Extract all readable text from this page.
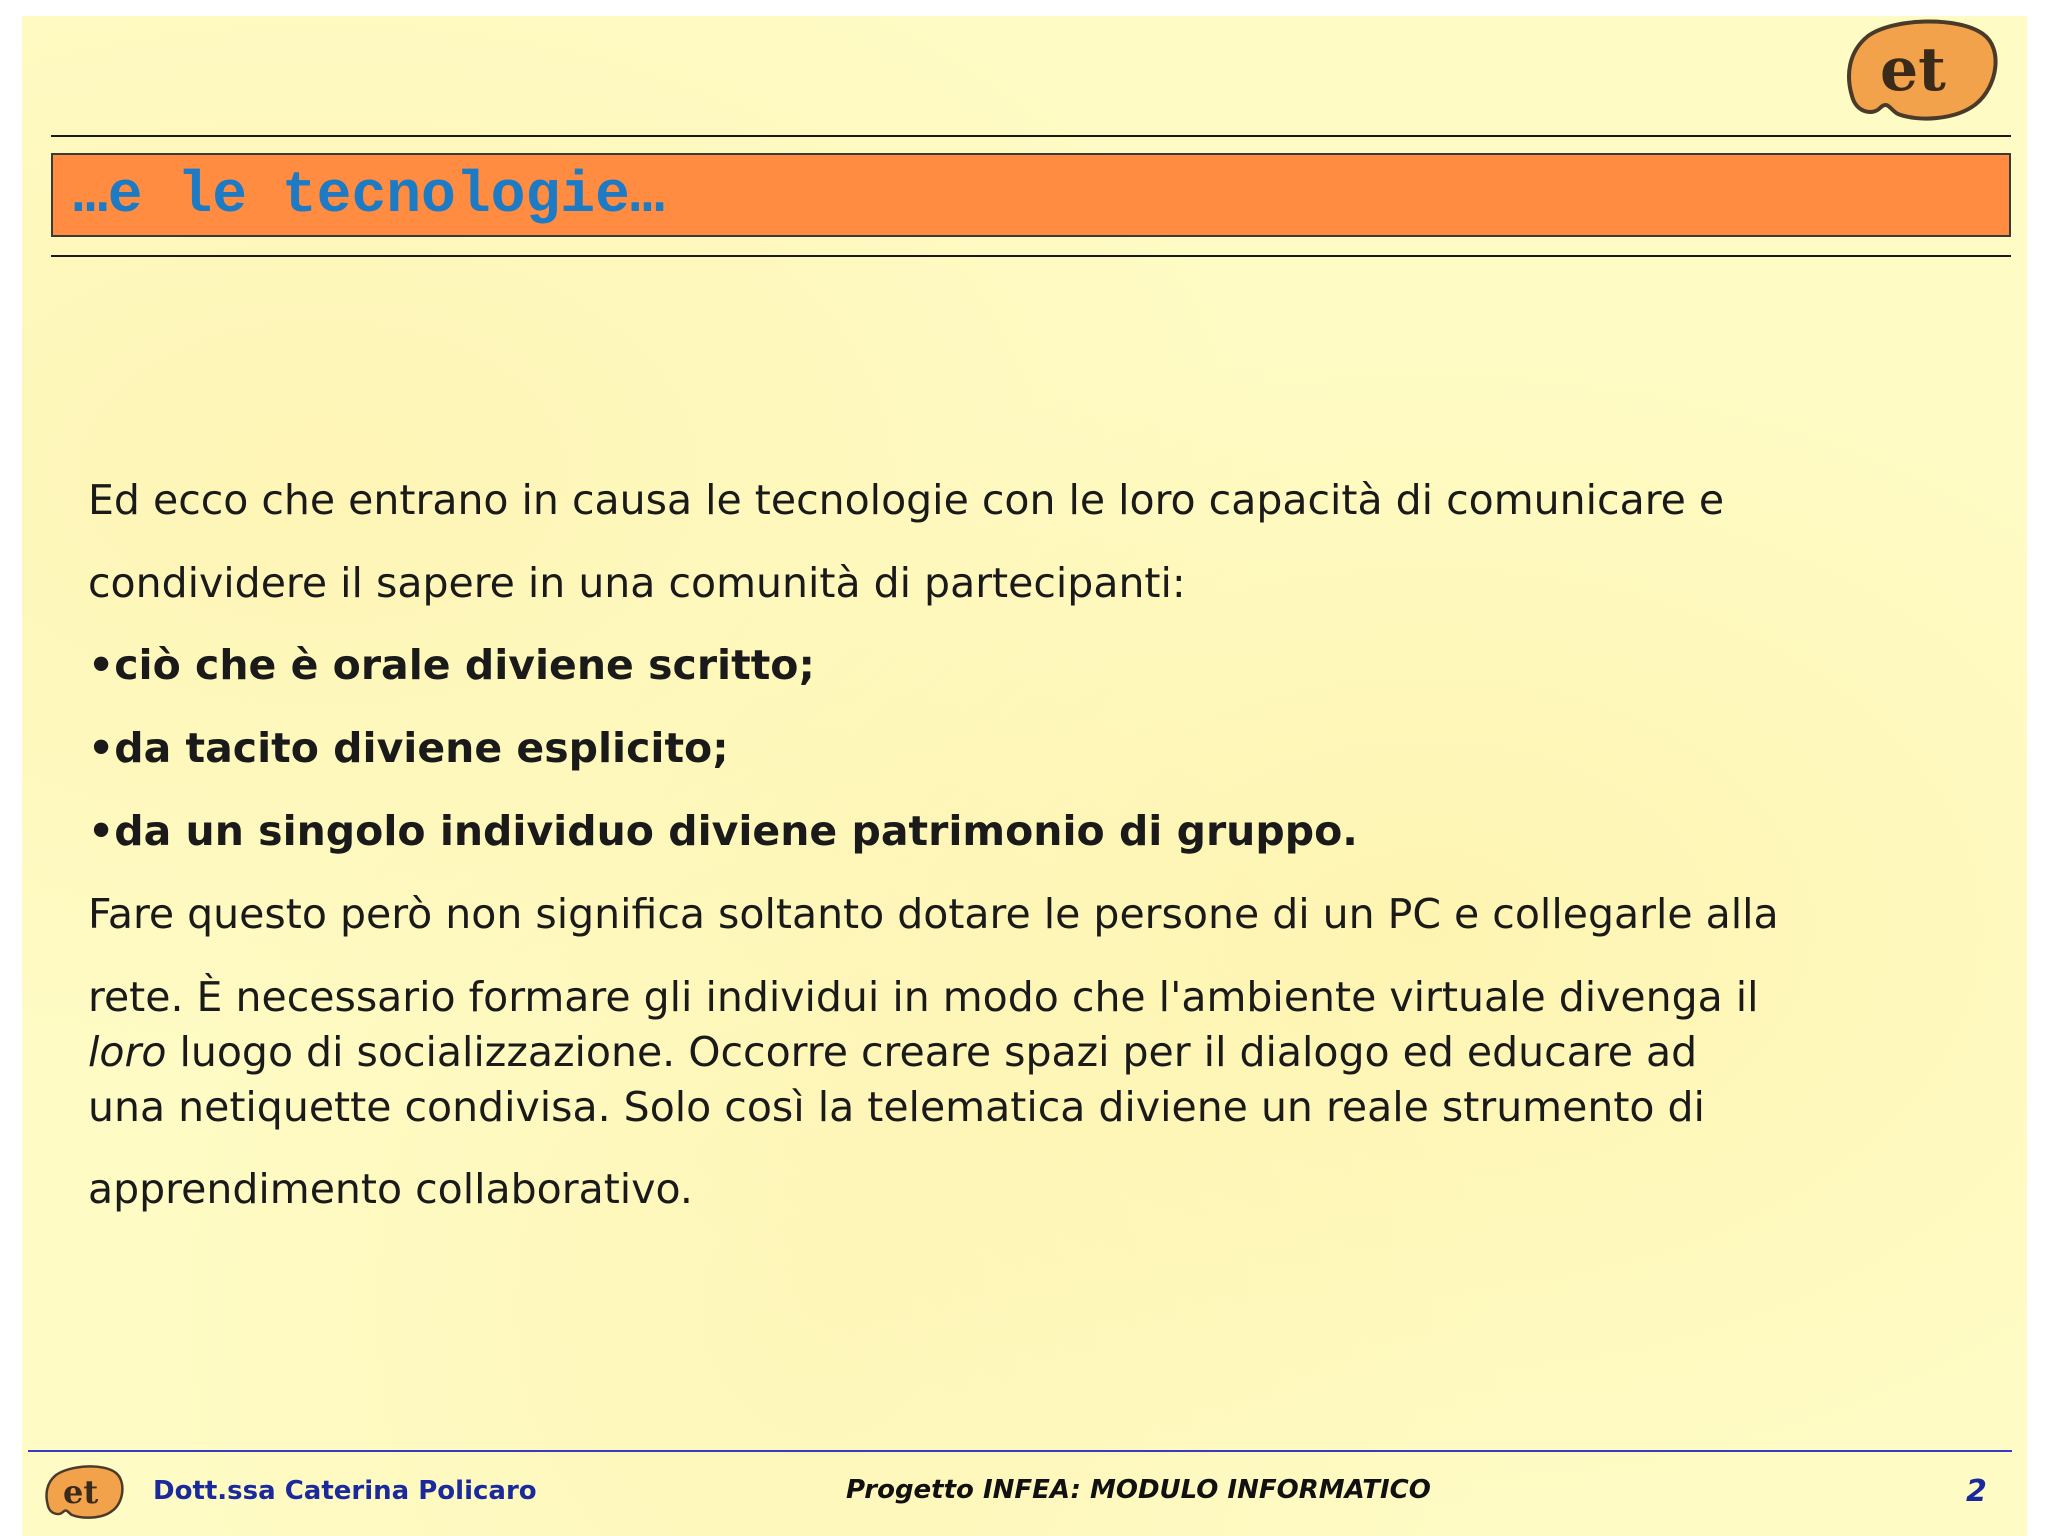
et
…e le tecnologie…
Ed ecco che entrano in causa le tecnologie con le loro capacità di comunicare e
condividere il sapere in una comunità di partecipanti:
•ciò che è orale diviene scritto;
•da tacito diviene esplicito;
•da un singolo individuo diviene patrimonio di gruppo.
Fare questo però non significa soltanto dotare le persone di un PC e collegarle alla
rete. È necessario formare gli individui in modo che l'ambiente virtuale divenga il
loro luogo di socializzazione. Occorre creare spazi per il dialogo ed educare ad
una netiquette condivisa. Solo così la telematica diviene un reale strumento di
apprendimento collaborativo.
et Dott.ssa Caterina Policaro	Progetto INFEA: MODULO INFORMATICO	2
